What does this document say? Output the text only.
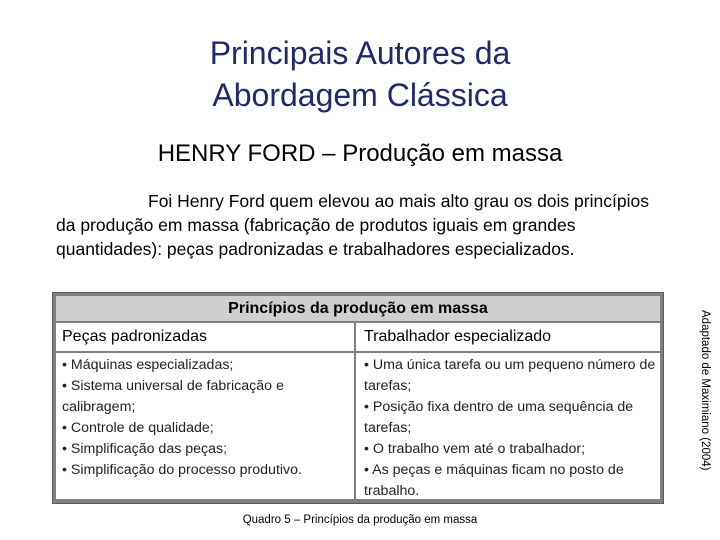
Principais Autores da
Abordagem Clássica
HENRY FORD – Produção em massa
Foi Henry Ford quem elevou ao mais alto grau os dois princípios da produção em massa (fabricação de produtos iguais em grandes quantidades): peças padronizadas e trabalhadores especializados.
Princípios da produção em massa
Peças padronizadas	Trabalhador especializado
• Máquinas especializadas;
• Sistema universal de fabricação e calibragem;
• Controle de qualidade;
• Simplificação das peças;
• Simplificação do processo produtivo.
• Uma única tarefa ou um pequeno número de tarefas;
• Posição fixa dentro de uma sequência de tarefas;
• O trabalho vem até o trabalhador;
• As peças e máquinas ficam no posto de trabalho.
Quadro 5 – Princípios da produção em massa
Adaptado de Maximiano (2004)
